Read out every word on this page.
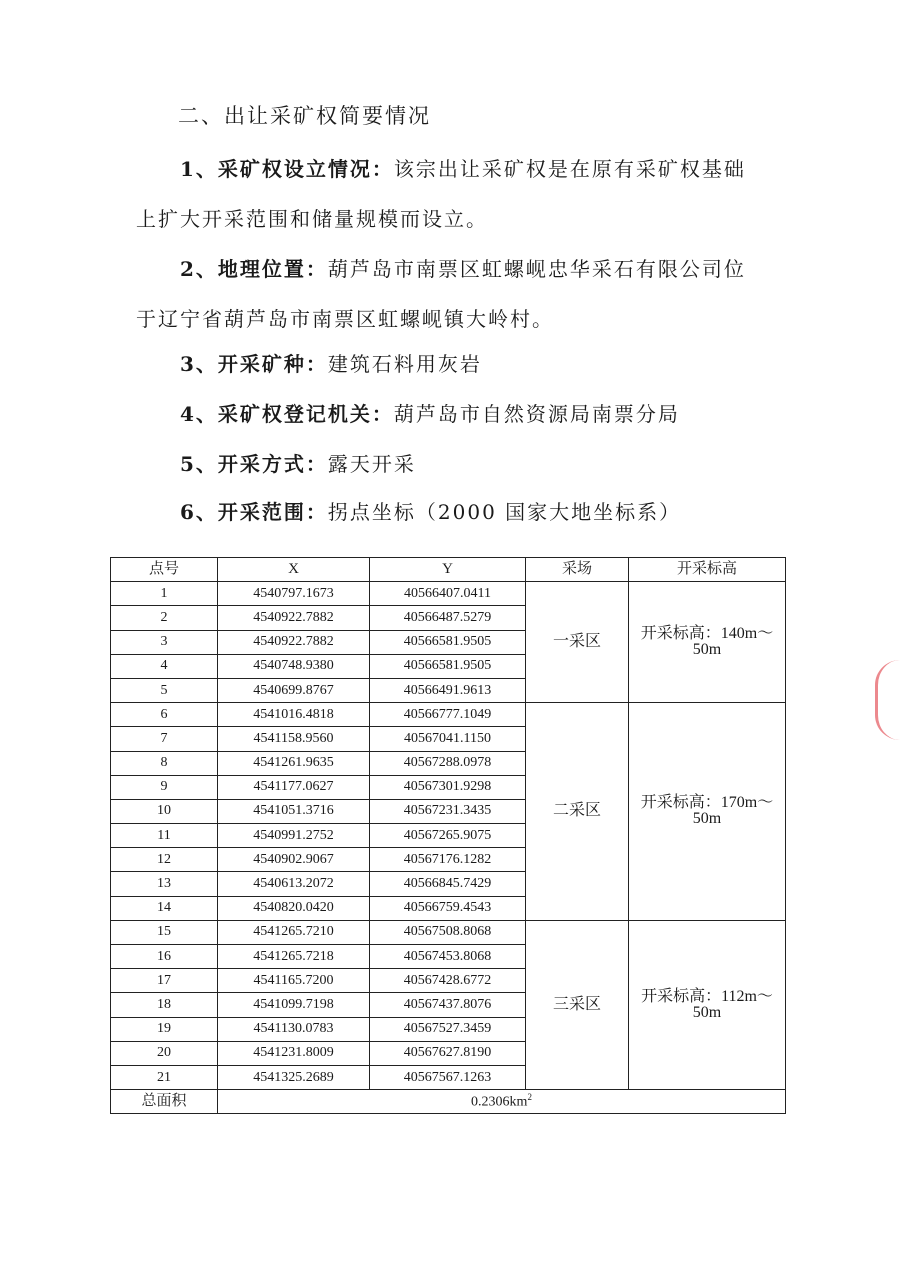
二、出让采矿权简要情况
1、采矿权设立情况：该宗出让采矿权是在原有采矿权基础
上扩大开采范围和储量规模而设立。
2、地理位置：葫芦岛市南票区虹螺岘忠华采石有限公司位
于辽宁省葫芦岛市南票区虹螺岘镇大岭村。
3、开采矿种：建筑石料用灰岩
4、采矿权登记机关：葫芦岛市自然资源局南票分局
5、开采方式：露天开采
6、开采范围：拐点坐标（2000 国家大地坐标系）
点号	X	Y	采场	开采标高
1	4540797.1673	40566407.0411	一采区	开采标高：140m～50m
2	4540922.7882	40566487.5279		
3	4540922.7882	40566581.9505		
4	4540748.9380	40566581.9505		
5	4540699.8767	40566491.9613		
6	4541016.4818	40566777.1049	二采区	开采标高：170m～50m
7	4541158.9560	40567041.1150		
8	4541261.9635	40567288.0978		
9	4541177.0627	40567301.9298		
10	4541051.3716	40567231.3435		
11	4540991.2752	40567265.9075		
12	4540902.9067	40567176.1282		
13	4540613.2072	40566845.7429		
14	4540820.0420	40566759.4543		
15	4541265.7210	40567508.8068	三采区	开采标高：112m～50m
16	4541265.7218	40567453.8068		
17	4541165.7200	40567428.6772		
18	4541099.7198	40567437.8076		
19	4541130.0783	40567527.3459		
20	4541231.8009	40567627.8190		
21	4541325.2689	40567567.1263		
总面积	$0.2306km^2$
